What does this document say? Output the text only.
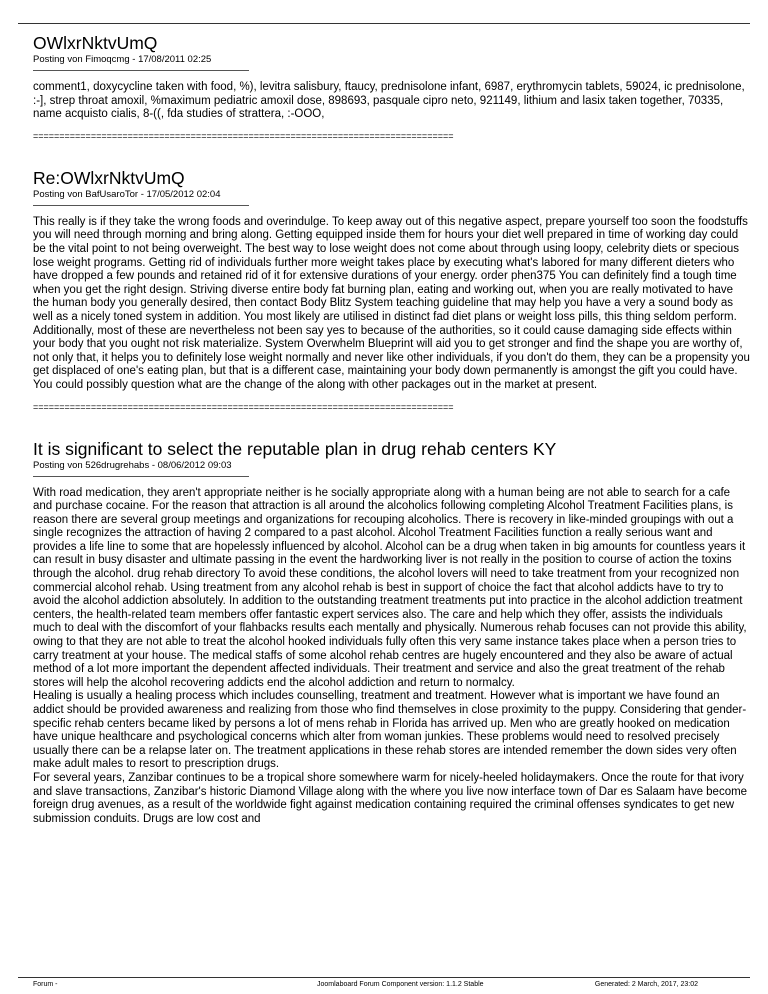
OWlxrNktvUmQ
Posting von Fimoqcmg - 17/08/2011 02:25

comment1, doxycycline taken with food, %), levitra salisbury, ftaucy, prednisolone infant, 6987, erythromycin tablets, 59024, ic prednisolone, :-], strep throat amoxil, %maximum pediatric amoxil dose, 898693, pasquale cipro neto, 921149, lithium and lasix taken together, 70335, name acquisto cialis, 8-((, fda studies of strattera, :-OOO,

================================================================================
Re:OWlxrNktvUmQ
Posting von BafUsaroTor - 17/05/2012 02:04

This really is if they take the wrong foods and overindulge. To keep away out of this negative aspect, prepare yourself too soon the foodstuffs you will need through morning and bring along. Getting equipped inside them for hours your diet well prepared in time of working day could be the vital point to not being overweight. The best way to lose weight does not come about through using loopy, celebrity diets or specious lose weight programs. Getting rid of individuals further more weight takes place by executing what's labored for many different dieters who have dropped a few pounds and retained rid of it for extensive durations of your energy. order phen375 You can definitely find a tough time when you get the right design. Striving diverse entire body fat burning plan, eating and working out, when you are really motivated to have the human body you generally desired, then contact Body Blitz System teaching guideline that may help you have a very a sound body as well as a nicely toned system in addition. You most likely are utilised in distinct fad diet plans or weight loss pills, this thing seldom perform. Additionally, most of these are nevertheless not been say yes to because of the authorities, so it could cause damaging side effects within your body that you ought not risk materialize. System Overwhelm Blueprint will aid you to get stronger and find the shape you are worthy of, not only that, it helps you to definitely lose weight normally and never like other individuals, if you don't do them, they can be a propensity you get displaced of one's eating plan, but that is a different case, maintaining your body down permanently is amongst the gift you could have. You could possibly question what are the change of the along with other packages out in the market at present.

================================================================================
It is significant to select the reputable plan in drug rehab centers KY
Posting von 526drugrehabs - 08/06/2012 09:03

With road medication, they aren't appropriate neither is he socially appropriate along with a human being are not able to search for a cafe and purchase cocaine. For the reason that attraction is all around the alcoholics following completing Alcohol Treatment Facilities plans, is reason there are several group meetings and organizations for recouping alcoholics. There is recovery in like-minded groupings with out a single recognizes the attraction of having 2 compared to a past alcohol. Alcohol Treatment Facilities function a really serious want and provides a life line to some that are hopelessly influenced by alcohol. Alcohol can be a drug when taken in big amounts for countless years it can result in busy disaster and ultimate passing in the event the hardworking liver is not really in the position to course of action the toxins through the alcohol. drug rehab directory To avoid these conditions, the alcohol lovers will need to take treatment from your recognized non commercial alcohol rehab. Using treatment from any alcohol rehab is best in support of choice the fact that alcohol addicts have to try to avoid the alcohol addiction absolutely. In addition to the outstanding treatment treatments put into practice in the alcohol addiction treatment centers, the health-related team members offer fantastic expert services also. The care and help which they offer, assists the individuals much to deal with the discomfort of your flahbacks results each mentally and physically. Numerous rehab focuses can not provide this ability, owing to that they are not able to treat the alcohol hooked individuals fully often this very same instance takes place when a person tries to carry treatment at your house. The medical staffs of some alcohol rehab centres are hugely encountered and they also be aware of actual method of a lot more important the dependent affected individuals. Their treatment and service and also the great treatment of the rehab stores will help the alcohol recovering addicts end the alcohol addiction and return to normalcy.

Healing is usually a healing process which includes counselling, treatment and treatment. However what is important we have found an addict should be provided awareness and realizing from those who find themselves in close proximity to the puppy. Considering that gender-specific rehab centers became liked by persons a lot of mens rehab in Florida has arrived up. Men who are greatly hooked on medication have unique healthcare and psychological concerns which alter from woman junkies. These problems would need to resolved precisely usually there can be a relapse later on. The treatment applications in these rehab stores are intended remember the down sides very often make adult males to resort to prescription drugs.

For several years, Zanzibar continues to be a tropical shore somewhere warm for nicely-heeled holidaymakers. Once the route for that ivory and slave transactions, Zanzibar's historic Diamond Village along with the where you live now interface town of Dar es Salaam have become foreign drug avenues, as a result of the worldwide fight against medication containing required the criminal offenses syndicates to get new submission conduits. Drugs are low cost and

Forum -	Joomlaboard Forum Component version: 1.1.2 Stable	Generated: 2 March, 2017, 23:02
